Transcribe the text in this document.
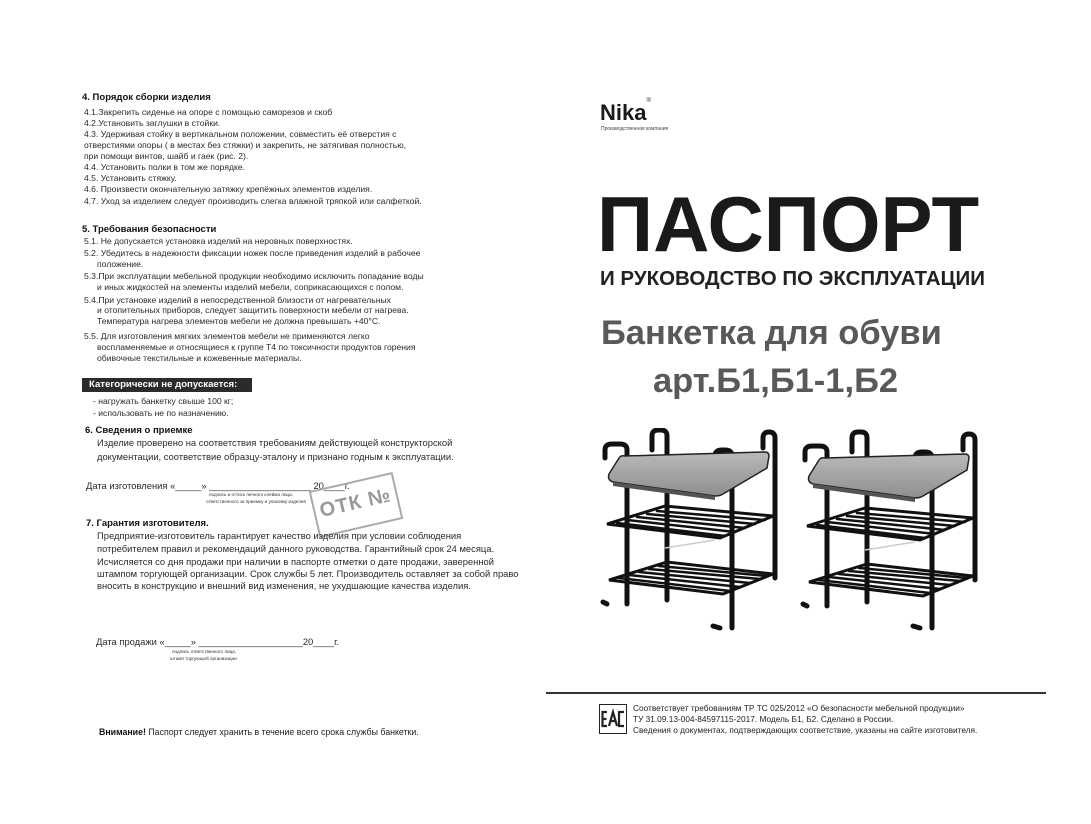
4. Порядок сборки изделия
4.1.Закрепить сиденье на опоре с помощью саморезов и скоб
4.2.Установить заглушки в стойки.
4.3. Удерживая стойку в вертикальном положении, совместить её отверстия с
отверстиями опоры ( в местах без стяжки) и закрепить, не затягивая полностью,
при помощи винтов, шайб и гаек (рис. 2).
4.4. Установить полки в том же порядке.
4.5. Установить стяжку.
4.6. Произвести окончательную затяжку крепёжных элементов изделия.
4.7. Уход за изделием следует производить слегка влажной тряпкой или салфеткой.
5. Требования безопасности
5.1. Не допускается установка изделий на неровных поверхностях.
5.2. Убедитесь в надежности фиксации ножек после приведения изделий в рабочее
положение.
5.3.При эксплуатации мебельной продукции необходимо исключить попадание воды
и иных жидкостей на элементы изделий мебели, соприкасающихся с полом.
5.4.При установке изделий в непосредственной близости от нагревательных
и отопительных приборов, следует защитить поверхности мебели от нагрева.
Температура нагрева элементов мебели не должна превышать +40°С.
5.5. Для изготовления мягких элементов мебели не применяются легко
воспламеняемые и относящиеся к группе Т4 по токсичности продуктов горения
обивочные текстильные и кожевенные материалы.
Категорически не допускается:
- нагружать банкетку свыше 100 кг;
- использовать не по назначению.
6. Сведения о приемке
Изделие проверено на соответствия требованиям действующей конструкторской
документации, соответствие образцу-эталону и признано годным к эксплуатации.
Дата изготовления «_____» ____________________20____г.
подпись и оттиск личного клейма лица,
ответственного за приемку и упаковку изделия ОТК №
7. Гарантия изготовителя.
Предприятие-изготовитель гарантирует качество изделия при условии соблюдения
потребителем правил и рекомендаций данного руководства. Гарантийный срок 24 месяца.
Исчисляется со дня продажи при наличии в паспорте отметки о дате продажи, заверенной
штампом торгующей организации. Срок службы 5 лет. Производитель оставляет за собой право
вносить в конструкцию и внешний вид изменения, не ухудшающие качества изделия.
Дата продажи «_____» ____________________20____г.
подпись ответственного лица,
штамп торгующей организации
Внимание! Паспорт следует хранить в течение всего срока службы банкетки.
Nika®
Производственная компания
ПАСПОРТ
И РУКОВОДСТВО ПО ЭКСПЛУАТАЦИИ
Банкетка для обуви
арт.Б1,Б1-1,Б2
Соответствует требованиям ТР ТС 025/2012 «О безопасности мебельной продукции»
ТУ 31.09.13-004-84597115-2017. Модель Б1, Б2. Сделано в России.
Сведения о документах, подтверждающих соответствие, указаны на сайте изготовителя.
